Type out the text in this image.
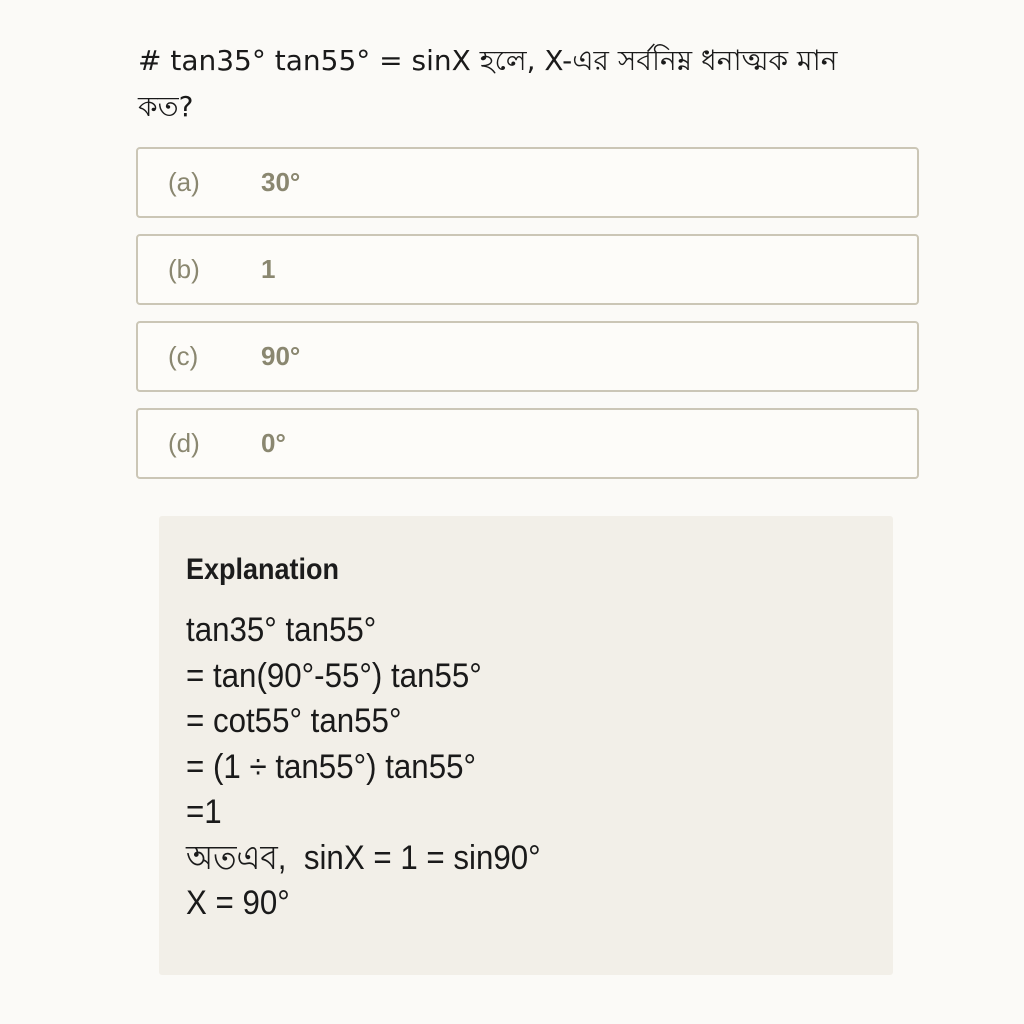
# tan35° tan55° = sinX হলে, X-এর সর্বনিম্ন ধনাত্মক মান কত?
(a)	30°
(b)	1
(c)	90°
(d)	0°
Explanation
tan35° tan55°
= tan(90°-55°) tan55°
= cot55° tan55°
= (1 ÷ tan55°) tan55°
=1
অতএব,  sinX = 1 = sin90°
X = 90°
